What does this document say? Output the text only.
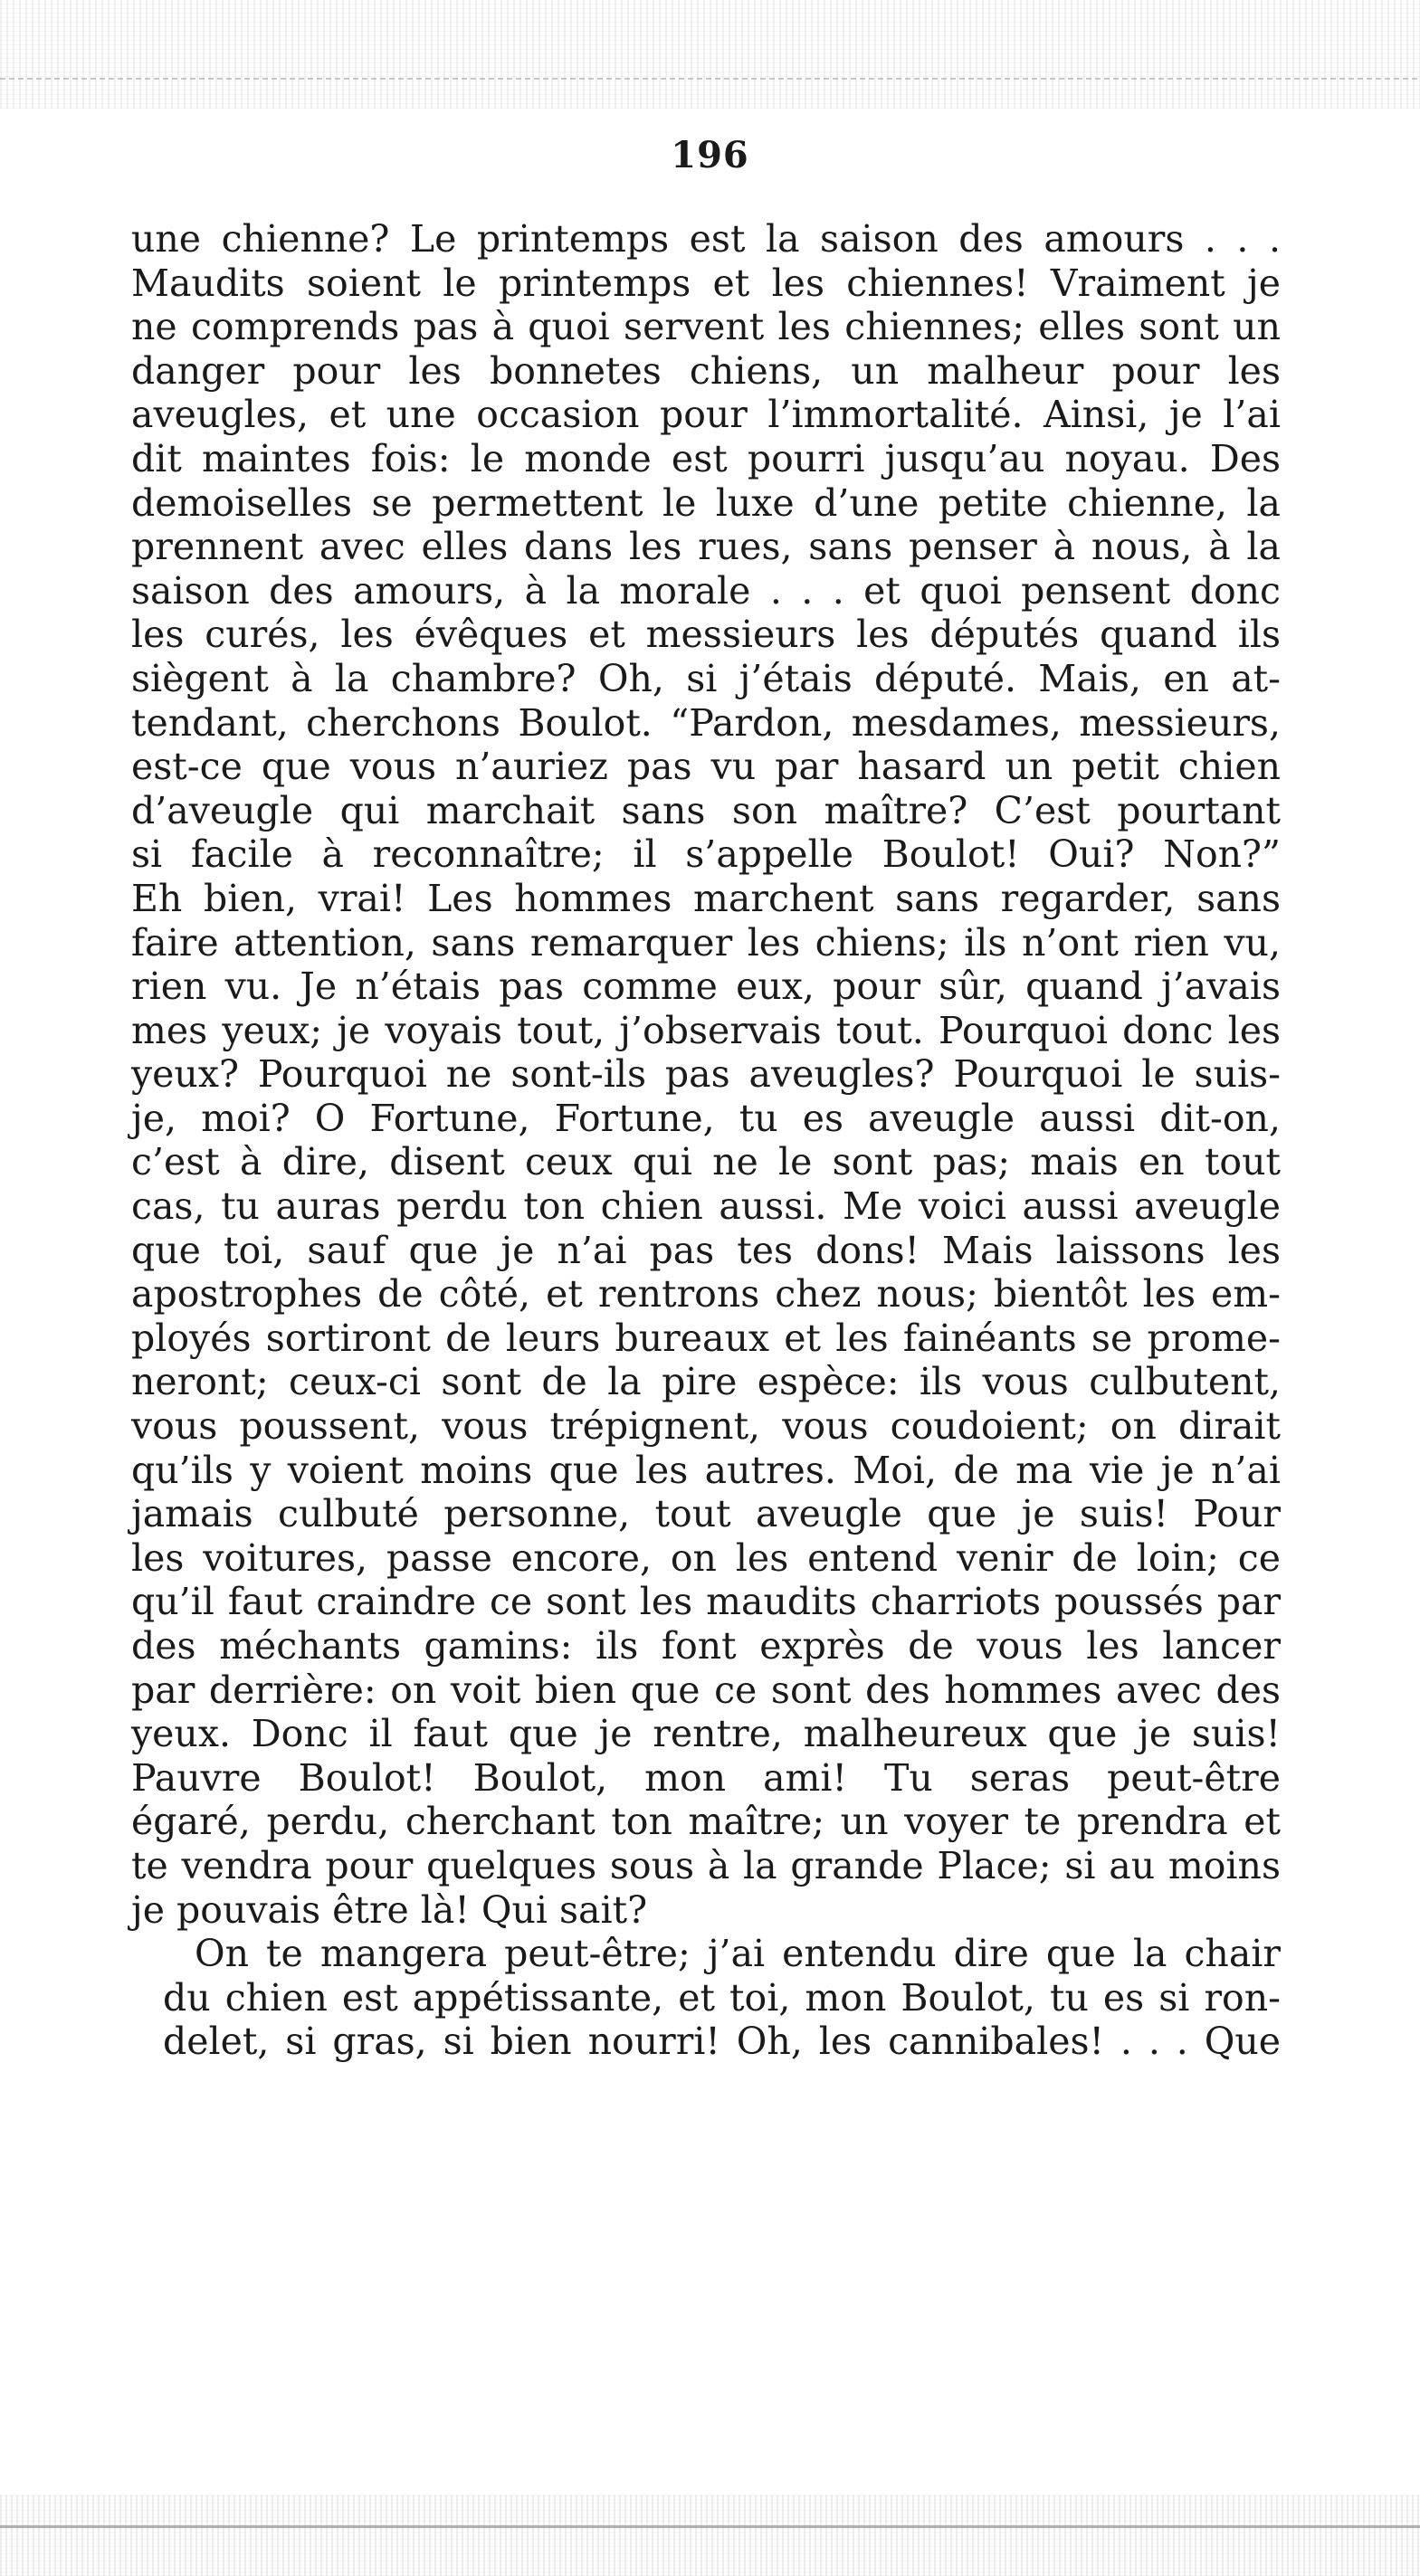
196
une chienne? Le printemps est la saison des amours . . .
Maudits soient le printemps et les chiennes! Vraiment je
ne comprends pas à quoi servent les chiennes; elles sont un
danger pour les bonnetes chiens, un malheur pour les
aveugles, et une occasion pour l’immortalité. Ainsi, je l’ai
dit maintes fois: le monde est pourri jusqu’au noyau. Des
demoiselles se permettent le luxe d’une petite chienne, la
prennent avec elles dans les rues, sans penser à nous, à la
saison des amours, à la morale . . . et quoi pensent donc
les curés, les évêques et messieurs les députés quand ils
siègent à la chambre? Oh, si j’étais député. Mais, en at-
tendant, cherchons Boulot. “Pardon, mesdames, messieurs,
est-ce que vous n’auriez pas vu par hasard un petit chien
d’aveugle qui marchait sans son maître? C’est pourtant
si facile à reconnaître; il s’appelle Boulot! Oui? Non?”
Eh bien, vrai! Les hommes marchent sans regarder, sans
faire attention, sans remarquer les chiens; ils n’ont rien vu,
rien vu. Je n’étais pas comme eux, pour sûr, quand j’avais
mes yeux; je voyais tout, j’observais tout. Pourquoi donc les
yeux? Pourquoi ne sont-ils pas aveugles? Pourquoi le suis-
je, moi? O Fortune, Fortune, tu es aveugle aussi dit-on,
c’est à dire, disent ceux qui ne le sont pas; mais en tout
cas, tu auras perdu ton chien aussi. Me voici aussi aveugle
que toi, sauf que je n’ai pas tes dons! Mais laissons les
apostrophes de côté, et rentrons chez nous; bientôt les em-
ployés sortiront de leurs bureaux et les fainéants se prome-
neront; ceux-ci sont de la pire espèce: ils vous culbutent,
vous poussent, vous trépignent, vous coudoient; on dirait
qu’ils y voient moins que les autres. Moi, de ma vie je n’ai
jamais culbuté personne, tout aveugle que je suis! Pour
les voitures, passe encore, on les entend venir de loin; ce
qu’il faut craindre ce sont les maudits charriots poussés par
des méchants gamins: ils font exprès de vous les lancer
par derrière: on voit bien que ce sont des hommes avec des
yeux. Donc il faut que je rentre, malheureux que je suis!
Pauvre Boulot! Boulot, mon ami! Tu seras peut-être
égaré, perdu, cherchant ton maître; un voyer te prendra et
te vendra pour quelques sous à la grande Place; si au moins
je pouvais être là! Qui sait?
On te mangera peut-être; j’ai entendu dire que la chair
du chien est appétissante, et toi, mon Boulot, tu es si ron-
delet, si gras, si bien nourri! Oh, les cannibales! . . . Que
